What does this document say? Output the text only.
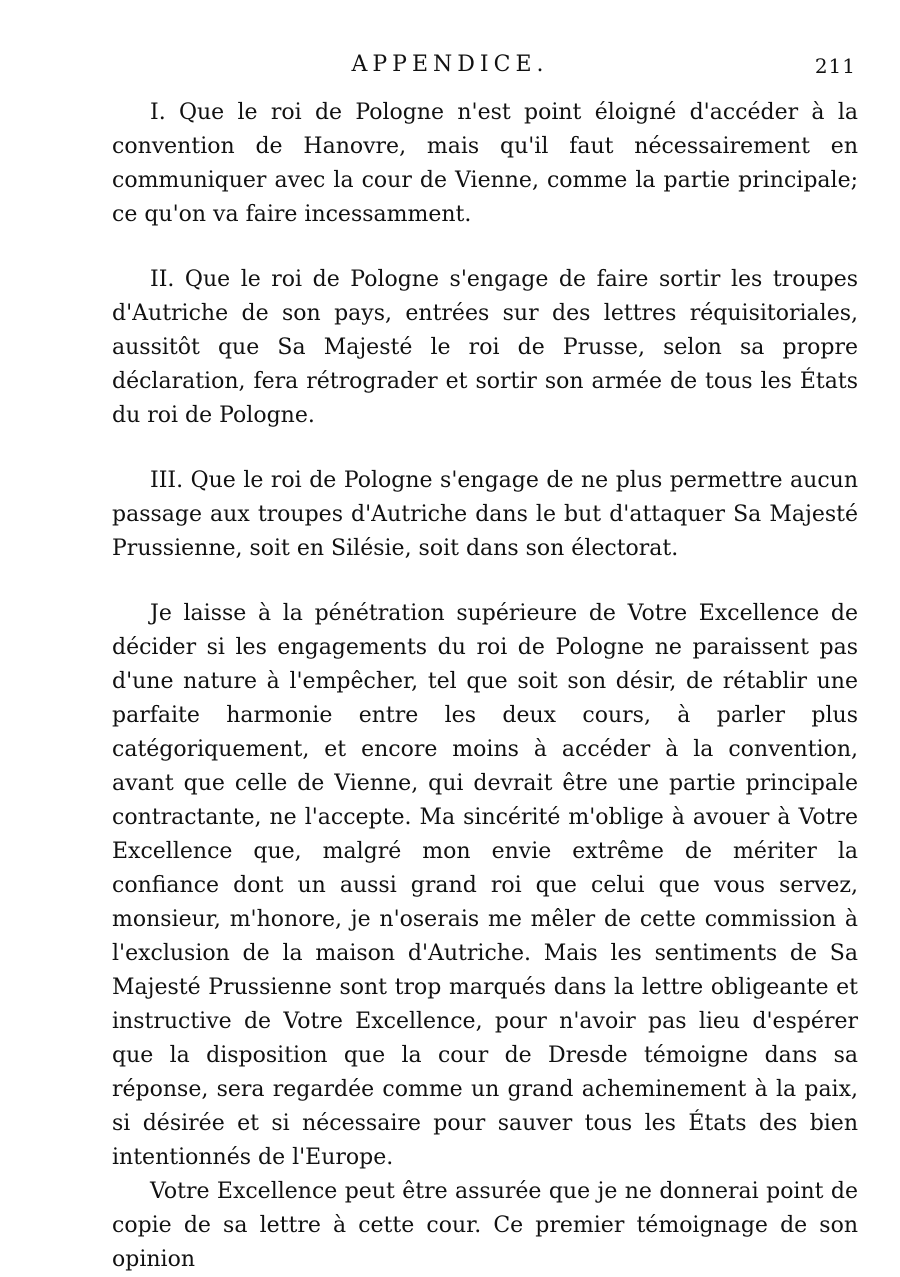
APPENDICE.	211

I. Que le roi de Pologne n'est point éloigné d'accéder à la convention de Hanovre, mais qu'il faut nécessairement en communiquer avec la cour de Vienne, comme la partie principale; ce qu'on va faire incessamment.

II. Que le roi de Pologne s'engage de faire sortir les troupes d'Autriche de son pays, entrées sur des lettres réquisitoriales, aussitôt que Sa Majesté le roi de Prusse, selon sa propre déclaration, fera rétrograder et sortir son armée de tous les États du roi de Pologne.

III. Que le roi de Pologne s'engage de ne plus permettre aucun passage aux troupes d'Autriche dans le but d'attaquer Sa Majesté Prussienne, soit en Silésie, soit dans son électorat.

Je laisse à la pénétration supérieure de Votre Excellence de décider si les engagements du roi de Pologne ne paraissent pas d'une nature à l'empêcher, tel que soit son désir, de rétablir une parfaite harmonie entre les deux cours, à parler plus catégoriquement, et encore moins à accéder à la convention, avant que celle de Vienne, qui devrait être une partie principale contractante, ne l'accepte. Ma sincérité m'oblige à avouer à Votre Excellence que, malgré mon envie extrême de mériter la confiance dont un aussi grand roi que celui que vous servez, monsieur, m'honore, je n'oserais me mêler de cette commission à l'exclusion de la maison d'Autriche. Mais les sentiments de Sa Majesté Prussienne sont trop marqués dans la lettre obligeante et instructive de Votre Excellence, pour n'avoir pas lieu d'espérer que la disposition que la cour de Dresde témoigne dans sa réponse, sera regardée comme un grand acheminement à la paix, si désirée et si nécessaire pour sauver tous les États des bien intentionnés de l'Europe.

Votre Excellence peut être assurée que je ne donnerai point de copie de sa lettre à cette cour. Ce premier témoignage de son opinion
